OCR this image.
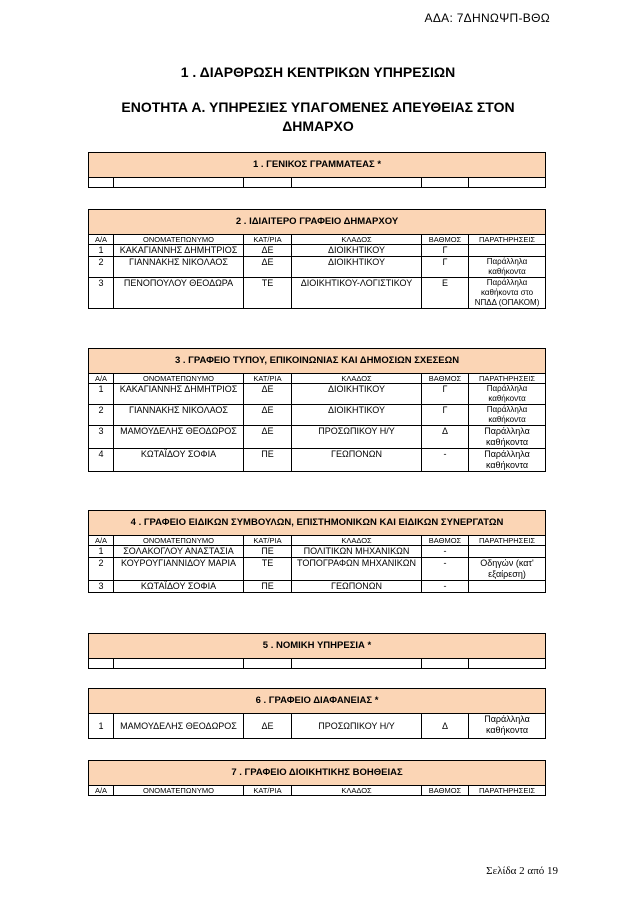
ΑΔΑ: 7ΔΗΝΩΨΠ-ΒΘΩ
1 . ΔΙΑΡΘΡΩΣΗ ΚΕΝΤΡΙΚΩΝ ΥΠΗΡΕΣΙΩΝ
ΕΝΟΤΗΤΑ Α. ΥΠΗΡΕΣΙΕΣ ΥΠΑΓΟΜΕΝΕΣ ΑΠΕΥΘΕΙΑΣ ΣΤΟΝ ΔΗΜΑΡΧΟ
1 . ΓΕΝΙΚΟΣ ΓΡΑΜΜΑΤΕΑΣ *

2 . ΙΔΙΑΙΤΕΡΟ ΓΡΑΦΕΙΟ ΔΗΜΑΡΧΟΥ					
Α/Α	ΟΝΟΜΑΤΕΠΩΝΥΜΟ	ΚΑΤ/ΡΙΑ	ΚΛΑΔΟΣ	ΒΑΘΜΟΣ	ΠΑΡΑΤΗΡΗΣΕΙΣ
1	ΚΑΚΑΓΙΑΝΝΗΣ ΔΗΜΗΤΡΙΟΣ	ΔΕ	ΔΙΟΙΚΗΤΙΚΟΥ	Γ	
2	ΓΙΑΝΝΑΚΗΣ ΝΙΚΟΛΑΟΣ	ΔΕ	ΔΙΟΙΚΗΤΙΚΟΥ	Γ	Παράλληλα καθήκοντα
3	ΠΕΝΟΠΟΥΛΟΥ ΘΕΟΔΩΡΑ	ΤΕ	ΔΙΟΙΚΗΤΙΚΟΥ-ΛΟΓΙΣΤΙΚΟΥ	Ε	Παράλληλα καθήκοντα στο ΝΠΔΔ (ΟΠΑΚΟΜ)
3 . ΓΡΑΦΕΙΟ ΤΥΠΟΥ, ΕΠΙΚΟΙΝΩΝΙΑΣ ΚΑΙ ΔΗΜΟΣΙΩΝ ΣΧΕΣΕΩΝ					
Α/Α	ΟΝΟΜΑΤΕΠΩΝΥΜΟ	ΚΑΤ/ΡΙΑ	ΚΛΑΔΟΣ	ΒΑΘΜΟΣ	ΠΑΡΑΤΗΡΗΣΕΙΣ
1	ΚΑΚΑΓΙΑΝΝΗΣ ΔΗΜΗΤΡΙΟΣ	ΔΕ	ΔΙΟΙΚΗΤΙΚΟΥ	Γ	Παράλληλα καθήκοντα
2	ΓΙΑΝΝΑΚΗΣ ΝΙΚΟΛΑΟΣ	ΔΕ	ΔΙΟΙΚΗΤΙΚΟΥ	Γ	Παράλληλα καθήκοντα
3	ΜΑΜΟΥΔΕΛΗΣ ΘΕΟΔΩΡΟΣ	ΔΕ	ΠΡΟΣΩΠΙΚΟΥ Η/Υ	Δ	Παράλληλα καθήκοντα
4	ΚΩΤΑΪΔΟΥ ΣΟΦΙΑ	ΠΕ	ΓΕΩΠΟΝΩΝ	-	Παράλληλα καθήκοντα
4 . ΓΡΑΦΕΙΟ ΕΙΔΙΚΩΝ ΣΥΜΒΟΥΛΩΝ, ΕΠΙΣΤΗΜΟΝΙΚΩΝ ΚΑΙ ΕΙΔΙΚΩΝ ΣΥΝΕΡΓΑΤΩΝ					
Α/Α	ΟΝΟΜΑΤΕΠΩΝΥΜΟ	ΚΑΤ/ΡΙΑ	ΚΛΑΔΟΣ	ΒΑΘΜΟΣ	ΠΑΡΑΤΗΡΗΣΕΙΣ
1	ΣΟΛΑΚΟΓΛΟΥ ΑΝΑΣΤΑΣΙΑ	ΠΕ	ΠΟΛΙΤΙΚΩΝ ΜΗΧΑΝΙΚΩΝ	-	
2	ΚΟΥΡΟΥΓΙΑΝΝΙΔΟΥ ΜΑΡΙΑ	ΤΕ	ΤΟΠΟΓΡΑΦΩΝ ΜΗΧΑΝΙΚΩΝ	-	Οδηγών (κατ' εξαίρεση)
3	ΚΩΤΑΪΔΟΥ ΣΟΦΙΑ	ΠΕ	ΓΕΩΠΟΝΩΝ	-	
5 . ΝΟΜΙΚΗ ΥΠΗΡΕΣΙΑ *

6 . ΓΡΑΦΕΙΟ ΔΙΑΦΑΝΕΙΑΣ *
1	ΜΑΜΟΥΔΕΛΗΣ ΘΕΟΔΩΡΟΣ	ΔΕ	ΠΡΟΣΩΠΙΚΟΥ Η/Υ	Δ	Παράλληλα καθήκοντα
7 . ΓΡΑΦΕΙΟ ΔΙΟΙΚΗΤΙΚΗΣ ΒΟΗΘΕΙΑΣ
Α/Α	ΟΝΟΜΑΤΕΠΩΝΥΜΟ	ΚΑΤ/ΡΙΑ	ΚΛΑΔΟΣ	ΒΑΘΜΟΣ	ΠΑΡΑΤΗΡΗΣΕΙΣ
Σελίδα 2 από 19
